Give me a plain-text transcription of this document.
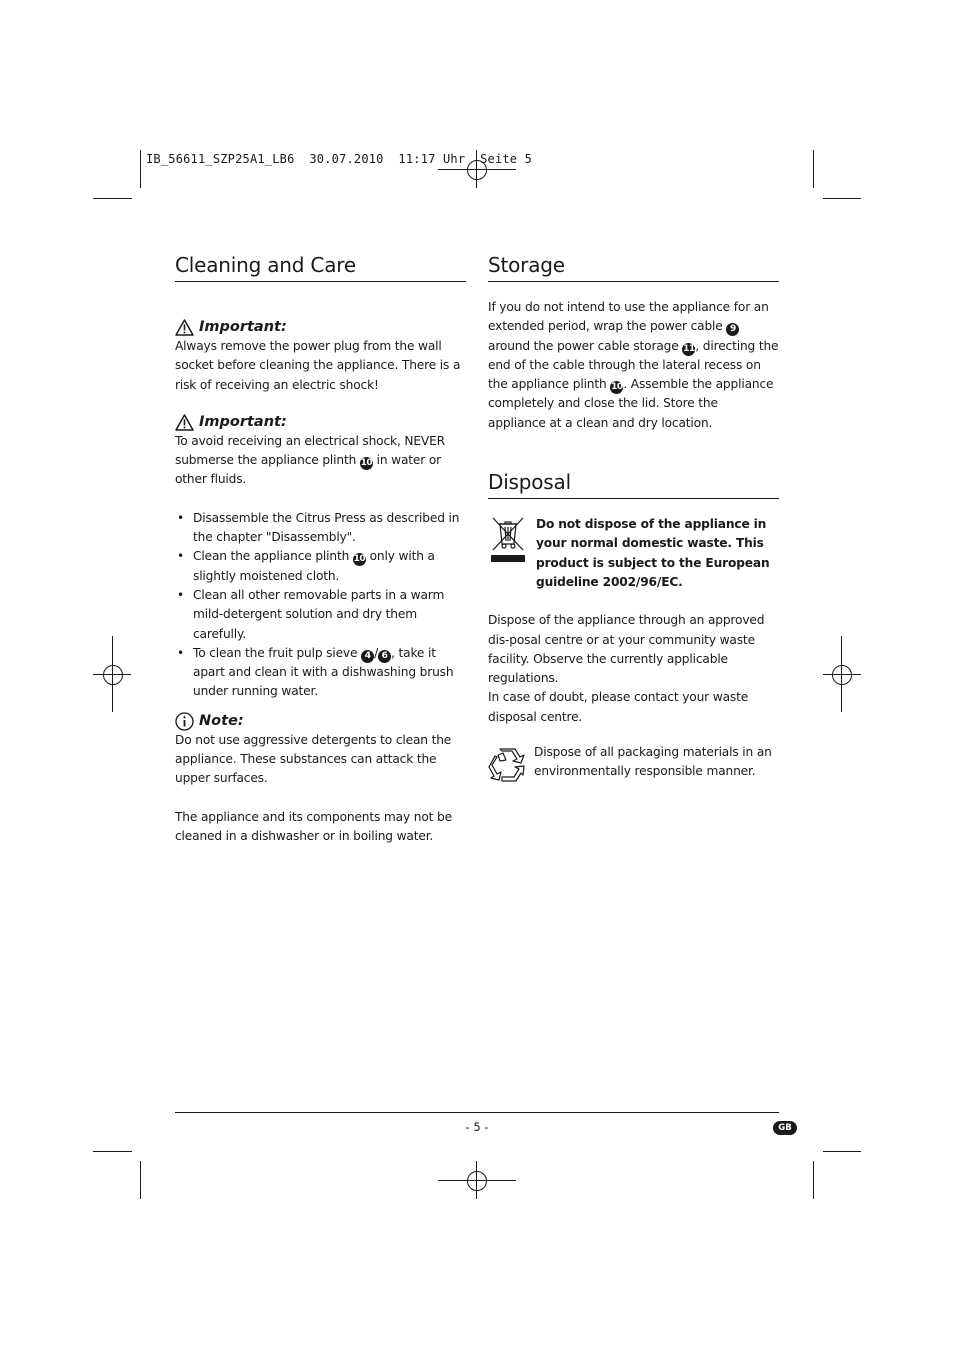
IB_56611_SZP25A1_LB6  30.07.2010  11:17 Uhr  Seite 5
Cleaning and Care
Important:

Always remove the power plug from the wall socket before cleaning the appliance. There is a risk of receiving an electric shock!

Important:

To avoid receiving an electrical shock, NEVER submerse the appliance plinth 10 in water or other fluids.

• Disassemble the Citrus Press as described in the chapter "Disassembly".
• Clean the appliance plinth 10 only with a slightly moistened cloth.
• Clean all other removable parts in a warm mild-detergent solution and dry them carefully.
• To clean the fruit pulp sieve 4 / 6 , take it apart and clean it with a dishwashing brush under running water.
Note:

Do not use aggressive detergents to clean the appliance. These substances can attack the upper surfaces.

The appliance and its components may not be cleaned in a dishwasher or in boiling water.

Storage

If you do not intend to use the appliance for an extended period, wrap the power cable 9 around the power cable storage 11, directing the end of the cable through the lateral recess on the appliance plinth 10. Assemble the appliance completely and close the lid. Store the appliance at a clean and dry location.

Disposal

Do not dispose of the appliance in your normal domestic waste. This product is subject to the European guideline 2002/96/EC.

Dispose of the appliance through an approved dis-posal centre or at your community waste facility. Observe the currently applicable regulations.

In case of doubt, please contact your waste disposal centre.

Dispose of all packaging materials in an environmentally responsible manner.

- 5 -	GB
